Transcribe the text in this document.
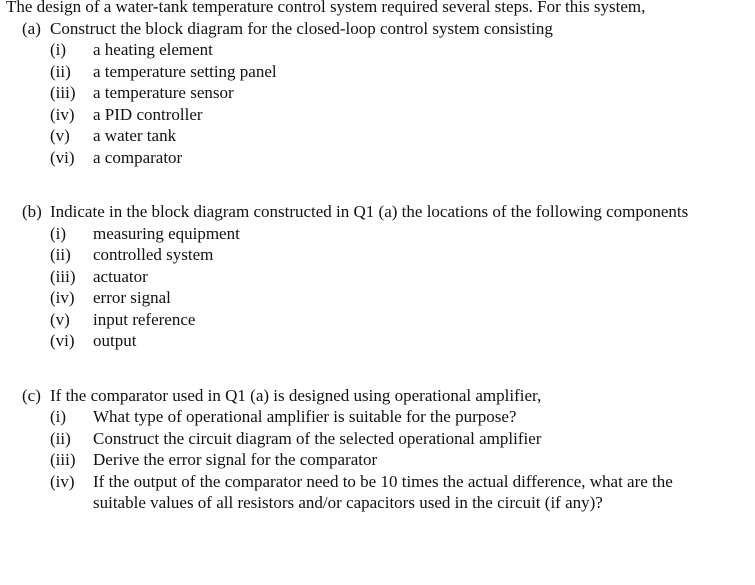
The design of a water-tank temperature control system required several steps. For this system,

(a) Construct the block diagram for the closed-loop control system consisting
(i)	a heating element
(ii)	a temperature setting panel
(iii)	a temperature sensor
(iv)	a PID controller
(v)	a water tank
(vi)	a comparator
(b) Indicate in the block diagram constructed in Q1 (a) the locations of the following components
(i)	measuring equipment
(ii)	controlled system
(iii)	actuator
(iv)	error signal
(v)	input reference
(vi)	output
(c) If the comparator used in Q1 (a) is designed using operational amplifier,
(i)	What type of operational amplifier is suitable for the purpose?
(ii)	Construct the circuit diagram of the selected operational amplifier
(iii)	Derive the error signal for the comparator
(iv)	If the output of the comparator need to be 10 times the actual difference, what are the suitable values of all resistors and/or capacitors used in the circuit (if any)?
